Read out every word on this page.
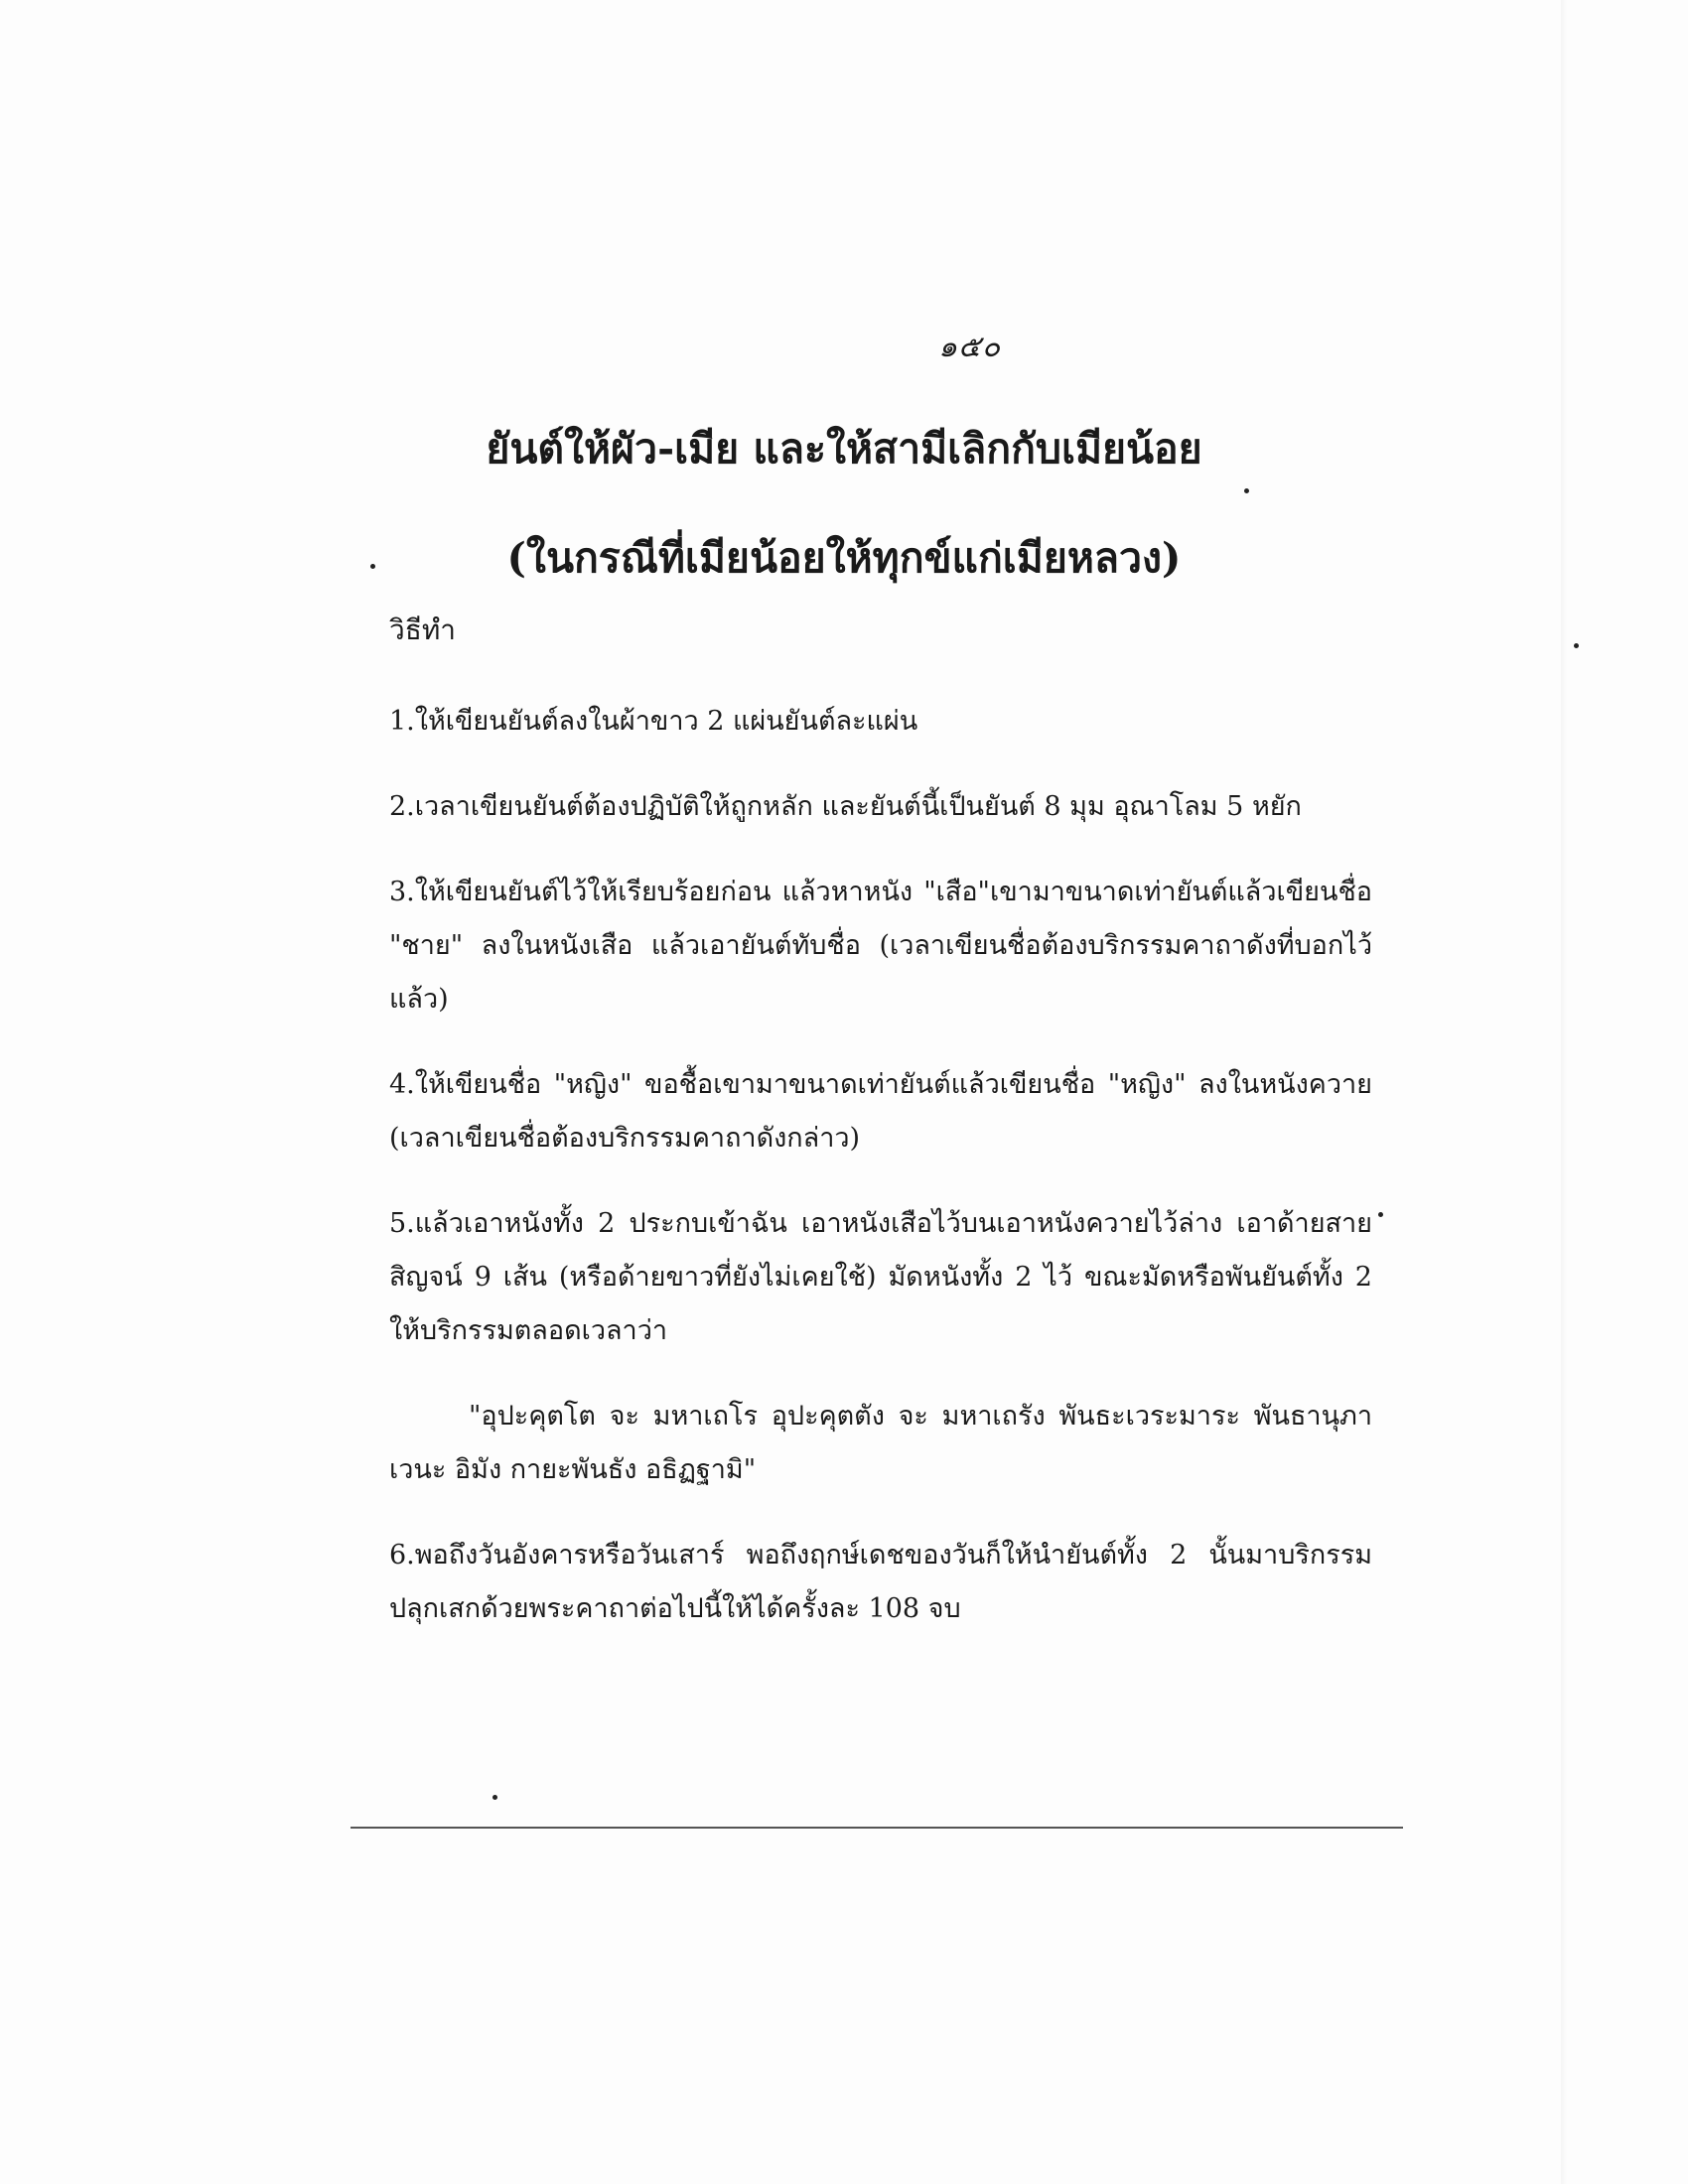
๑๕๐
ยันต์ให้ผัว-เมีย และให้สามีเลิกกับเมียน้อย
(ในกรณีที่เมียน้อยให้ทุกข์แก่เมียหลวง)

วิธีทำ

1.ให้เขียนยันต์ลงในผ้าขาว 2 แผ่นยันต์ละแผ่น

2.เวลาเขียนยันต์ต้องปฏิบัติให้ถูกหลัก และยันต์นี้เป็นยันต์ 8 มุม อุณาโลม 5 หยัก

3.ให้เขียนยันต์ไว้ให้เรียบร้อยก่อน แล้วหาหนัง "เสือ"เขามาขนาดเท่ายันต์แล้วเขียนชื่อ "ชาย" ลงในหนังเสือ แล้วเอายันต์ทับชื่อ (เวลาเขียนชื่อต้องบริกรรมคาถาดังที่บอกไว้แล้ว)

4.ให้เขียนชื่อ "หญิง" ขอชื้อเขามาขนาดเท่ายันต์แล้วเขียนชื่อ "หญิง" ลงในหนังควาย (เวลาเขียนชื่อต้องบริกรรมคาถาดังกล่าว)

5.แล้วเอาหนังทั้ง 2 ประกบเข้าฉัน เอาหนังเสือไว้บนเอาหนังควายไว้ล่าง เอาด้ายสายสิญจน์ 9 เส้น (หรือด้ายขาวที่ยังไม่เคยใช้) มัดหนังทั้ง 2 ไว้ ขณะมัดหรือพันยันต์ทั้ง 2 ให้บริกรรมตลอดเวลาว่า

"อุปะคุตโต จะ มหาเถโร อุปะคุตตัง จะ มหาเถรัง พันธะเวระมาระ พันธานุภาเวนะ อิมัง กายะพันธัง อธิฏฐามิ"

6.พอถึงวันอังคารหรือวันเสาร์ พอถึงฤกษ์เดชของวันก็ให้นำยันต์ทั้ง 2 นั้นมาบริกรรมปลุกเสกด้วยพระคาถาต่อไปนี้ให้ได้ครั้งละ 108 จบ
